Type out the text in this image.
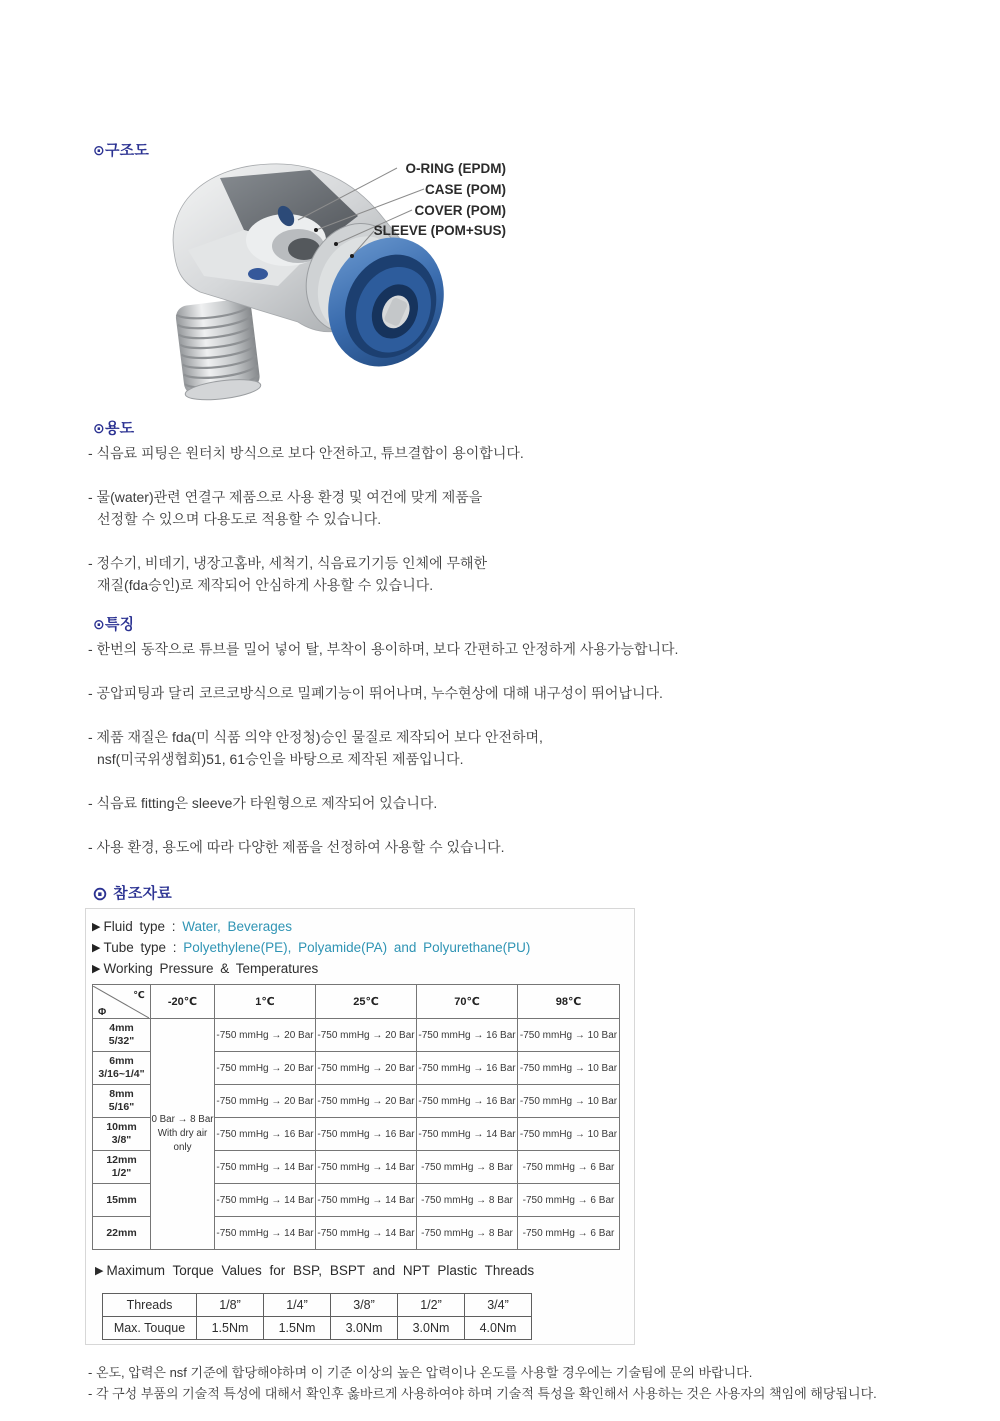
⊙구조도
O-RING (EPDM)
CASE (POM)
COVER (POM)
SLEEVE (POM+SUS)
⊙용도
- 식음료 피팅은 원터치 방식으로 보다 안전하고, 튜브결합이 용이합니다.
- 물(water)관련 연결구 제품으로 사용 환경 및 여건에 맞게 제품을
선정할 수 있으며 다용도로 적용할 수 있습니다.
- 정수기, 비데기, 냉장고홈바, 세척기, 식음료기기등 인체에 무해한
재질(fda승인)로 제작되어 안심하게 사용할 수 있습니다.
⊙특징
- 한번의 동작으로 튜브를 밀어 넣어 탈, 부착이 용이하며, 보다 간편하고 안정하게 사용가능합니다.
- 공압피팅과 달리 코르코방식으로 밀폐기능이 뛰어나며, 누수현상에 대해 내구성이 뛰어납니다.
- 제품 재질은 fda(미 식품 의약 안정청)승인 물질로 제작되어 보다 안전하며,
nsf(미국위생협회)51, 61승인을 바탕으로 제작된 제품입니다.
- 식음료 fitting은 sleeve가 타원형으로 제작되어 있습니다.
- 사용 환경, 용도에 따라 다양한 제품을 선정하여 사용할 수 있습니다.
⊙ 참조자료
▶ Fluid type : Water, Beverages
▶ Tube type : Polyethylene(PE), Polyamide(PA) and Polyurethane(PU)
▶ Working Pressure & Temperatures
℃
Φ	-20℃	1℃	25℃	70℃	98℃

4mm
5/32"

0 Bar → 8 Bar
With dry air only
	-750 mmHg → 20 Bar	-750 mmHg → 20 Bar	-750 mmHg → 16 Bar	-750 mmHg → 10 Bar

6mm
3/16~1/4"		-750 mmHg → 20 Bar	-750 mmHg → 20 Bar	-750 mmHg → 16 Bar	-750 mmHg → 10 Bar

8mm
5/16"		-750 mmHg → 20 Bar	-750 mmHg → 20 Bar	-750 mmHg → 16 Bar	-750 mmHg → 10 Bar

10mm
3/8"		-750 mmHg → 16 Bar	-750 mmHg → 16 Bar	-750 mmHg → 14 Bar	-750 mmHg → 10 Bar

12mm
1/2"		-750 mmHg → 14 Bar	-750 mmHg → 14 Bar	-750 mmHg → 8 Bar	-750 mmHg → 6 Bar

15mm		-750 mmHg → 14 Bar	-750 mmHg → 14 Bar	-750 mmHg → 8 Bar	-750 mmHg → 6 Bar

22mm		-750 mmHg → 14 Bar	-750 mmHg → 14 Bar	-750 mmHg → 8 Bar	-750 mmHg → 6 Bar
▶ Maximum Torque Values for BSP, BSPT and NPT Plastic Threads
Threads	1/8”	1/4”	3/8”	1/2”	3/4”
Max. Touque	1.5Nm	1.5Nm	3.0Nm	3.0Nm	4.0Nm
- 온도, 압력은 nsf 기준에 합당해야하며 이 기준 이상의 높은 압력이나 온도를 사용할 경우에는 기술팀에 문의 바랍니다.
- 각 구성 부품의 기술적 특성에 대해서 확인후 옳바르게 사용하여야 하며 기술적 특성을 확인해서 사용하는 것은 사용자의 책임에 해당됩니다.
